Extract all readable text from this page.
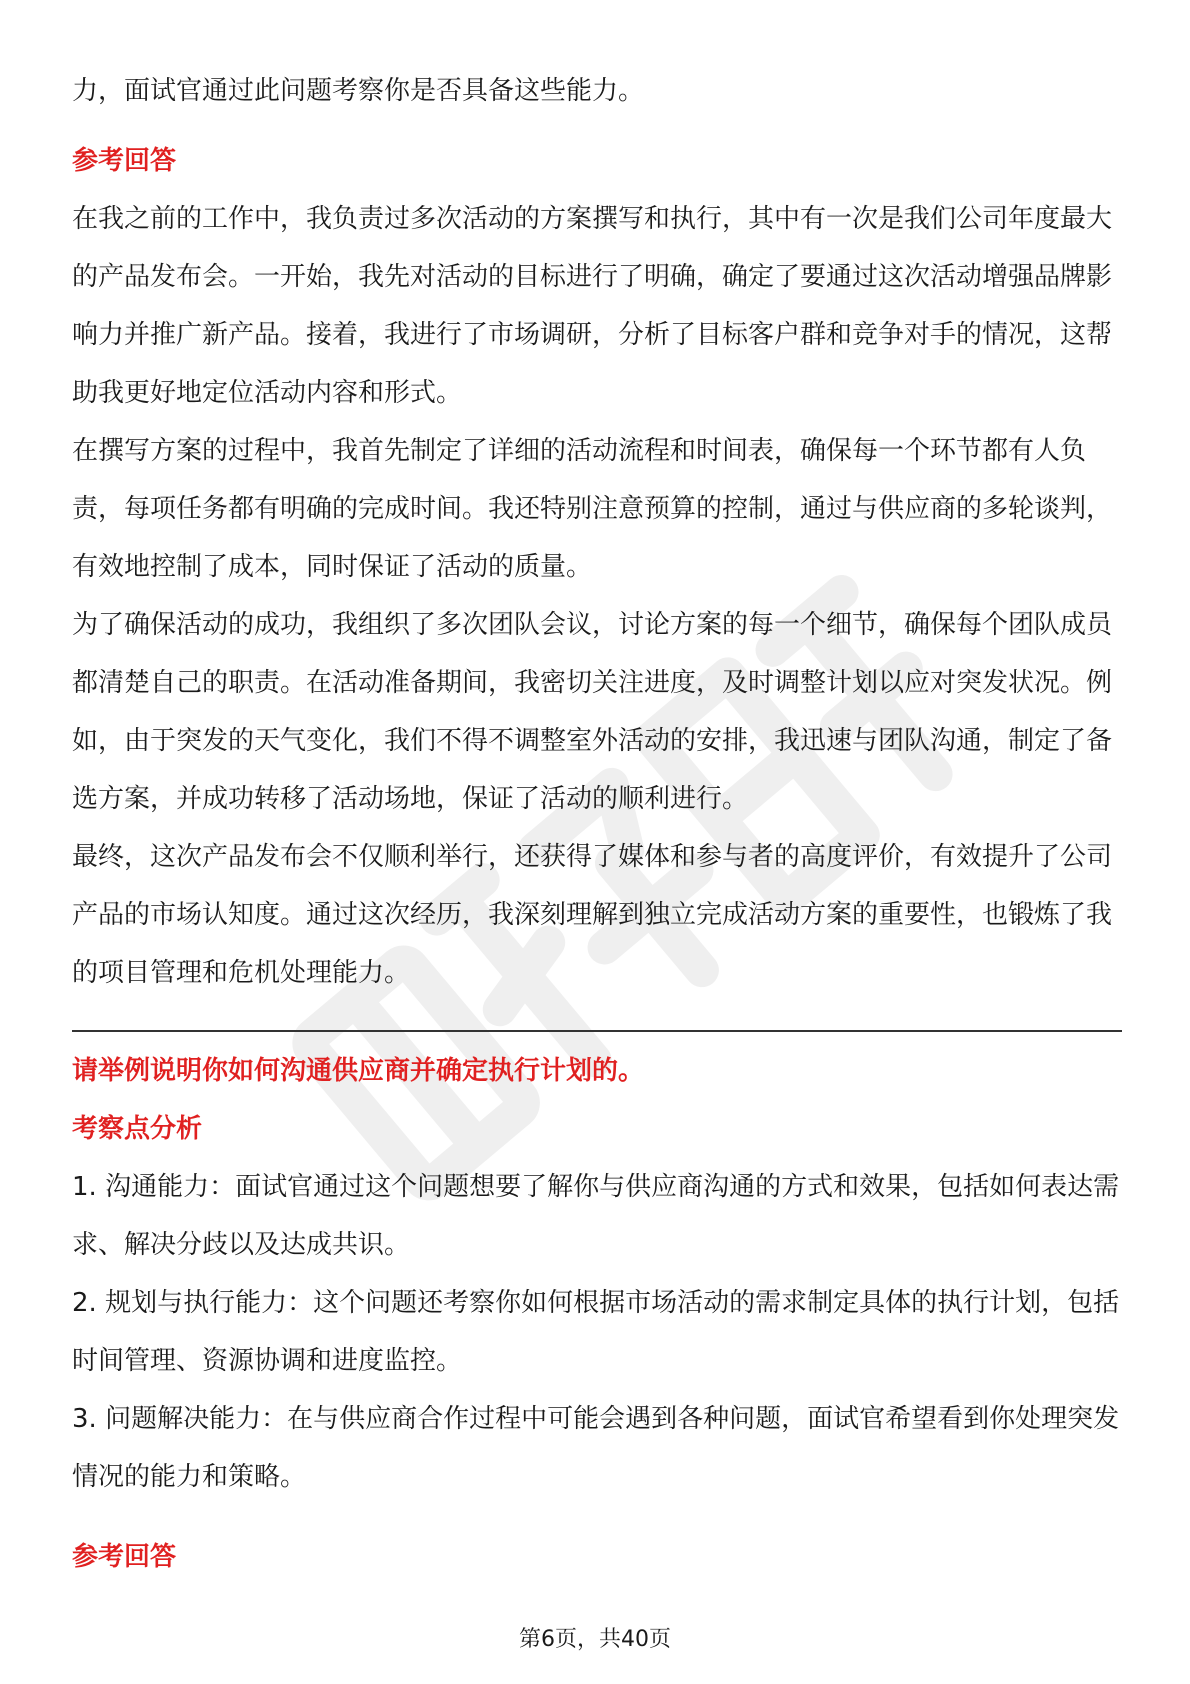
力，面试官通过此问题考察你是否具备这些能力。

参考回答

在我之前的工作中，我负责过多次活动的方案撰写和执行，其中有一次是我们公司年度最大的产品发布会。一开始，我先对活动的目标进行了明确，确定了要通过这次活动增强品牌影响力并推广新产品。接着，我进行了市场调研，分析了目标客户群和竞争对手的情况，这帮助我更好地定位活动内容和形式。

在撰写方案的过程中，我首先制定了详细的活动流程和时间表，确保每一个环节都有人负责，每项任务都有明确的完成时间。我还特别注意预算的控制，通过与供应商的多轮谈判，有效地控制了成本，同时保证了活动的质量。

为了确保活动的成功，我组织了多次团队会议，讨论方案的每一个细节，确保每个团队成员都清楚自己的职责。在活动准备期间，我密切关注进度，及时调整计划以应对突发状况。例如，由于突发的天气变化，我们不得不调整室外活动的安排，我迅速与团队沟通，制定了备选方案，并成功转移了活动场地，保证了活动的顺利进行。

最终，这次产品发布会不仅顺利举行，还获得了媒体和参与者的高度评价，有效提升了公司产品的市场认知度。通过这次经历，我深刻理解到独立完成活动方案的重要性，也锻炼了我的项目管理和危机处理能力。

请举例说明你如何沟通供应商并确定执行计划的。
考察点分析

1. 沟通能力：面试官通过这个问题想要了解你与供应商沟通的方式和效果，包括如何表达需求、解决分歧以及达成共识。

2. 规划与执行能力：这个问题还考察你如何根据市场活动的需求制定具体的执行计划，包括时间管理、资源协调和进度监控。

3. 问题解决能力：在与供应商合作过程中可能会遇到各种问题，面试官希望看到你处理突发情况的能力和策略。

参考回答
第6页，共40页
